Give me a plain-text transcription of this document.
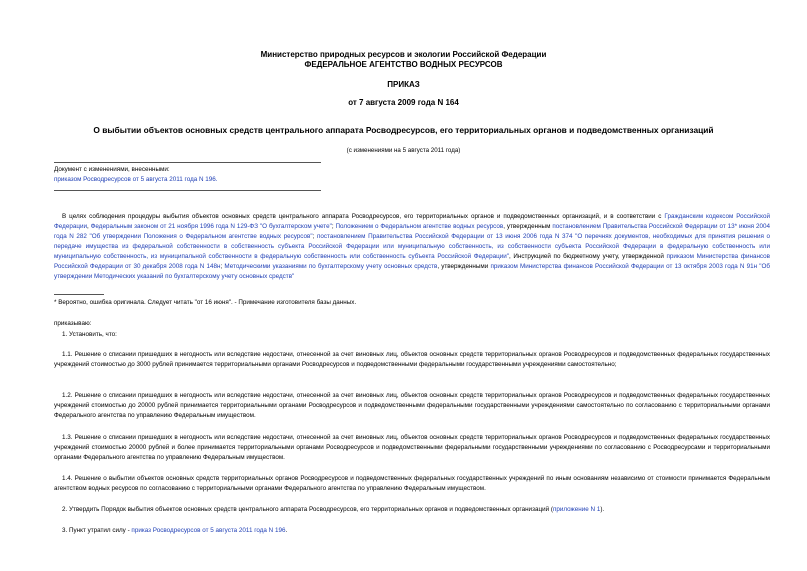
Министерство природных ресурсов и экологии Российской Федерации
ФЕДЕРАЛЬНОЕ АГЕНТСТВО ВОДНЫХ РЕСУРСОВ
ПРИКАЗ
от 7 августа 2009 года N 164
О выбытии объектов основных средств центрального аппарата Росводресурсов, его территориальных органов и подведомственных организаций
(с изменениями на 5 августа 2011 года)
Документ с изменениями, внесенными:
приказом Росводресурсов от 5 августа 2011 года N 196.

В целях соблюдения процедуры выбытия объектов основных средств центрального аппарата Росводресурсов, его территориальных органов и подведомственных организаций, и в соответствии с Гражданским кодексом Российской Федерации, Федеральным законом от 21 ноября 1996 года N 129-ФЗ "О бухгалтерском учете"; Положением о Федеральном агентстве водных ресурсов, утвержденным постановлением Правительства Российской Федерации от 13* июня 2004 года N 282 "Об утверждении Положения о Федеральном агентстве водных ресурсов"; постановлением Правительства Российской Федерации от 13 июня 2006 года N 374 "О перечнях документов, необходимых для принятия решения о передаче имущества из федеральной собственности в собственность субъекта Российской Федерации или муниципальную собственность, из собственности субъекта Российской Федерации в федеральную собственность или муниципальную собственность, из муниципальной собственности в федеральную собственность или собственность субъекта Российской Федерации", Инструкцией по бюджетному учету, утвержденной приказом Министерства финансов Российской Федерации от 30 декабря 2008 года N 148н; Методическими указаниями по бухгалтерскому учету основных средств, утвержденными приказом Министерства финансов Российской Федерации от 13 октября 2003 года N 91н "Об утверждении Методических указаний по бухгалтерскому учету основных средств"

* Вероятно, ошибка оригинала. Следует читать "от 16 июня". - Примечание изготовителя базы данных.

приказываю:

1. Установить, что:

1.1. Решение о списании пришедших в негодность или вследствие недостачи, отнесенной за счет виновных лиц, объектов основных средств территориальных органов Росводресурсов и подведомственных федеральных государственных учреждений стоимостью до 3000 рублей принимается территориальными органами Росводресурсов и подведомственными федеральными государственными учреждениями самостоятельно;

1.2. Решение о списании пришедших в негодность или вследствие недостачи, отнесенной за счет виновных лиц, объектов основных средств территориальных органов Росводресурсов и подведомственных федеральных государственных учреждений стоимостью до 20000 рублей принимается территориальными органами Росводресурсов и подведомственными федеральными государственными учреждениями самостоятельно по согласованию с территориальными органами Федерального агентства по управлению Федеральным имуществом.

1.3. Решение о списании пришедших в негодность или вследствие недостачи, отнесенной за счет виновных лиц, объектов основных средств территориальных органов Росводресурсов и подведомственных федеральных государственных учреждений стоимостью 20000 рублей и более принимается территориальными органами Росводресурсов и подведомственными федеральными государственными учреждениями по согласованию с Росводресурсами и территориальными органами Федерального агентства по управлению Федеральным имуществом.

1.4. Решение о выбытии объектов основных средств территориальных органов Росводресурсов и подведомственных федеральных государственных учреждений по иным основаниям независимо от стоимости принимается Федеральным агентством водных ресурсов по согласованию с территориальными органами Федерального агентства по управлению Федеральным имуществом.

2. Утвердить Порядок выбытия объектов основных средств центрального аппарата Росводресурсов, его территориальных органов и подведомственных организаций (приложение N 1).

3. Пункт утратил силу - приказ Росводресурсов от 5 августа 2011 года N 196.
